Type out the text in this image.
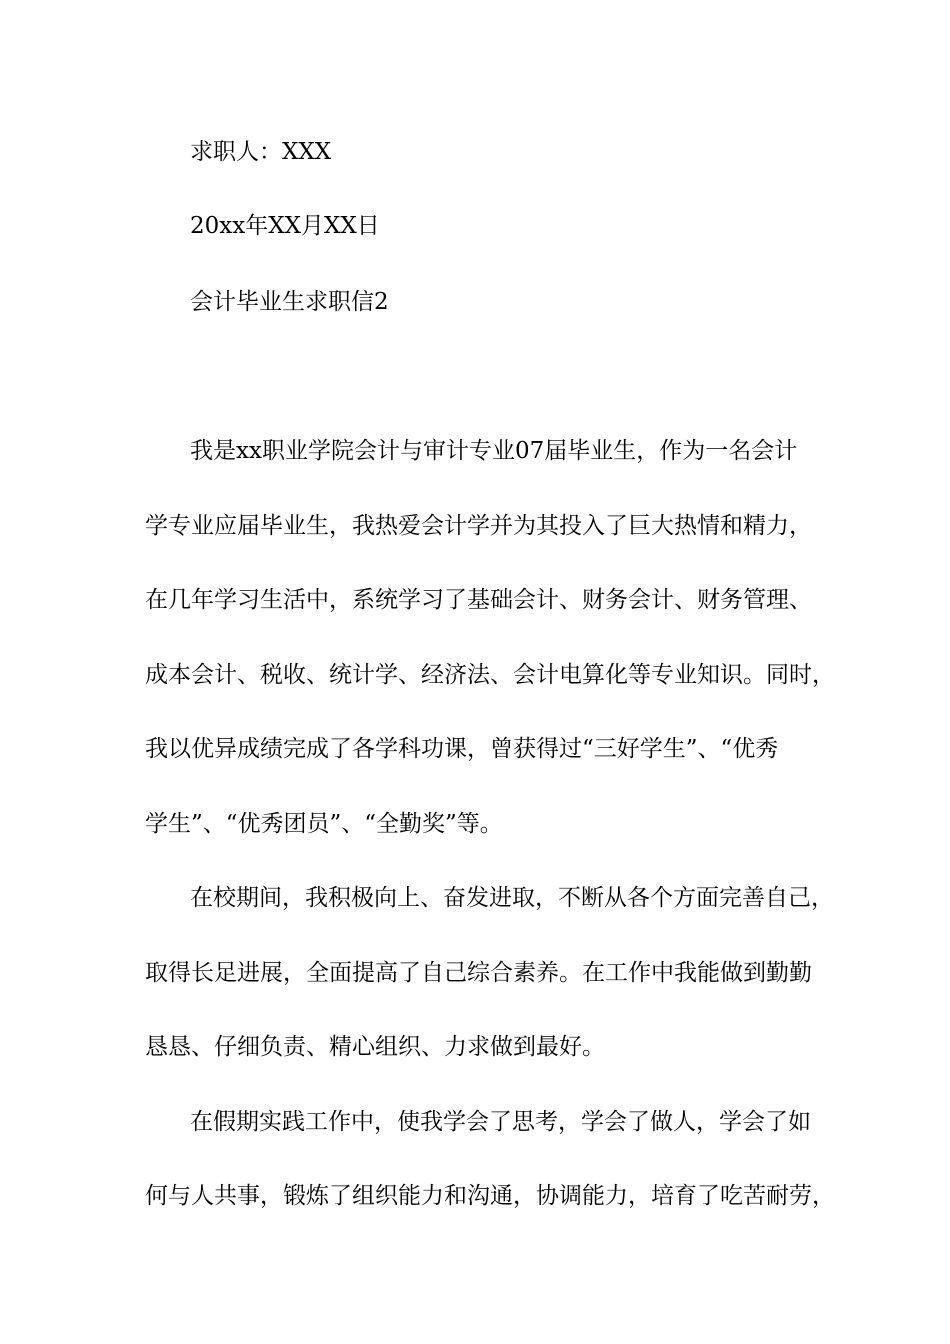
求职人：XXX

20xx年XX月XX日

会计毕业生求职信2

我是xx职业学院会计与审计专业07届毕业生，作为一名会计

学专业应届毕业生，我热爱会计学并为其投入了巨大热情和精力，

在几年学习生活中，系统学习了基础会计、财务会计、财务管理、

成本会计、税收、统计学、经济法、会计电算化等专业知识。同时，

我以优异成绩完成了各学科功课，曾获得过“三好学生”、“优秀

学生”、“优秀团员”、“全勤奖”等。

在校期间，我积极向上、奋发进取，不断从各个方面完善自己，

取得长足进展，全面提高了自己综合素养。在工作中我能做到勤勤

恳恳、仔细负责、精心组织、力求做到最好。

在假期实践工作中，使我学会了思考，学会了做人，学会了如

何与人共事，锻炼了组织能力和沟通，协调能力，培育了吃苦耐劳，
